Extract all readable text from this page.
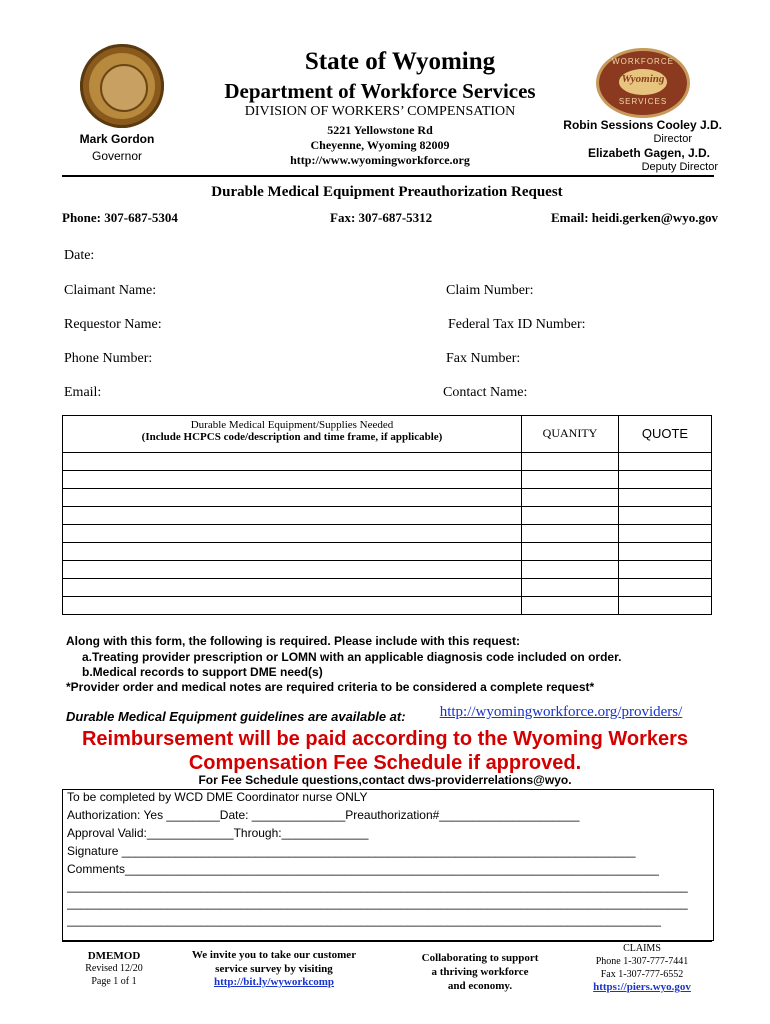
State of Wyoming
Department of Workforce Services
DIVISION OF WORKERS’ COMPENSATION
5221 Yellowstone Rd
Cheyenne, Wyoming 82009
http://www.wyomingworkforce.org
Mark Gordon
Governor
WORKFORCE
Wyoming
SERVICES
Robin Sessions Cooley J.D.
Director
Elizabeth Gagen, J.D.
Deputy Director
Durable Medical Equipment Preauthorization Request
Phone: 307-687-5304	Fax: 307-687-5312	Email: heidi.gerken@wyo.gov
Date:
Claimant Name:	Claim Number:
Requestor Name:	Federal Tax ID Number:
Phone Number:	Fax Number:
Email:	Contact Name:
Durable Medical Equipment/Supplies Needed
(Include HCPCS code/description and time frame, if applicable)	QUANITY	QUOTE

Along with this form, the following is required. Please include with this request:
a.Treating provider prescription or LOMN with an applicable diagnosis code included on order.
b.Medical records to support DME need(s)
*Provider order and medical notes are required criteria to be considered a complete request*
Durable Medical Equipment guidelines are available at:	http://wyomingworkforce.org/providers/
Reimbursement will be paid according to the Wyoming Workers
Compensation Fee Schedule if approved.
For Fee Schedule questions,contact dws-providerrelations@wyo.
To be completed by WCD DME Coordinator nurse ONLY
Authorization: Yes ________Date: ______________Preauthorization#_____________________
Approval Valid:_____________Through:_____________
Signature _____________________________________________________________________________
Comments________________________________________________________________________________
_____________________________________________________________________________________________
_____________________________________________________________________________________________
_________________________________________________________________________________________
DMEMOD
Revised 12/20
Page 1 of 1
We invite you to take our customer
service survey by visiting
http://bit.ly/wyworkcomp
Collaborating to support
a thriving workforce
and economy.
CLAIMS
Phone 1-307-777-7441
Fax 1-307-777-6552
https://piers.wyo.gov
